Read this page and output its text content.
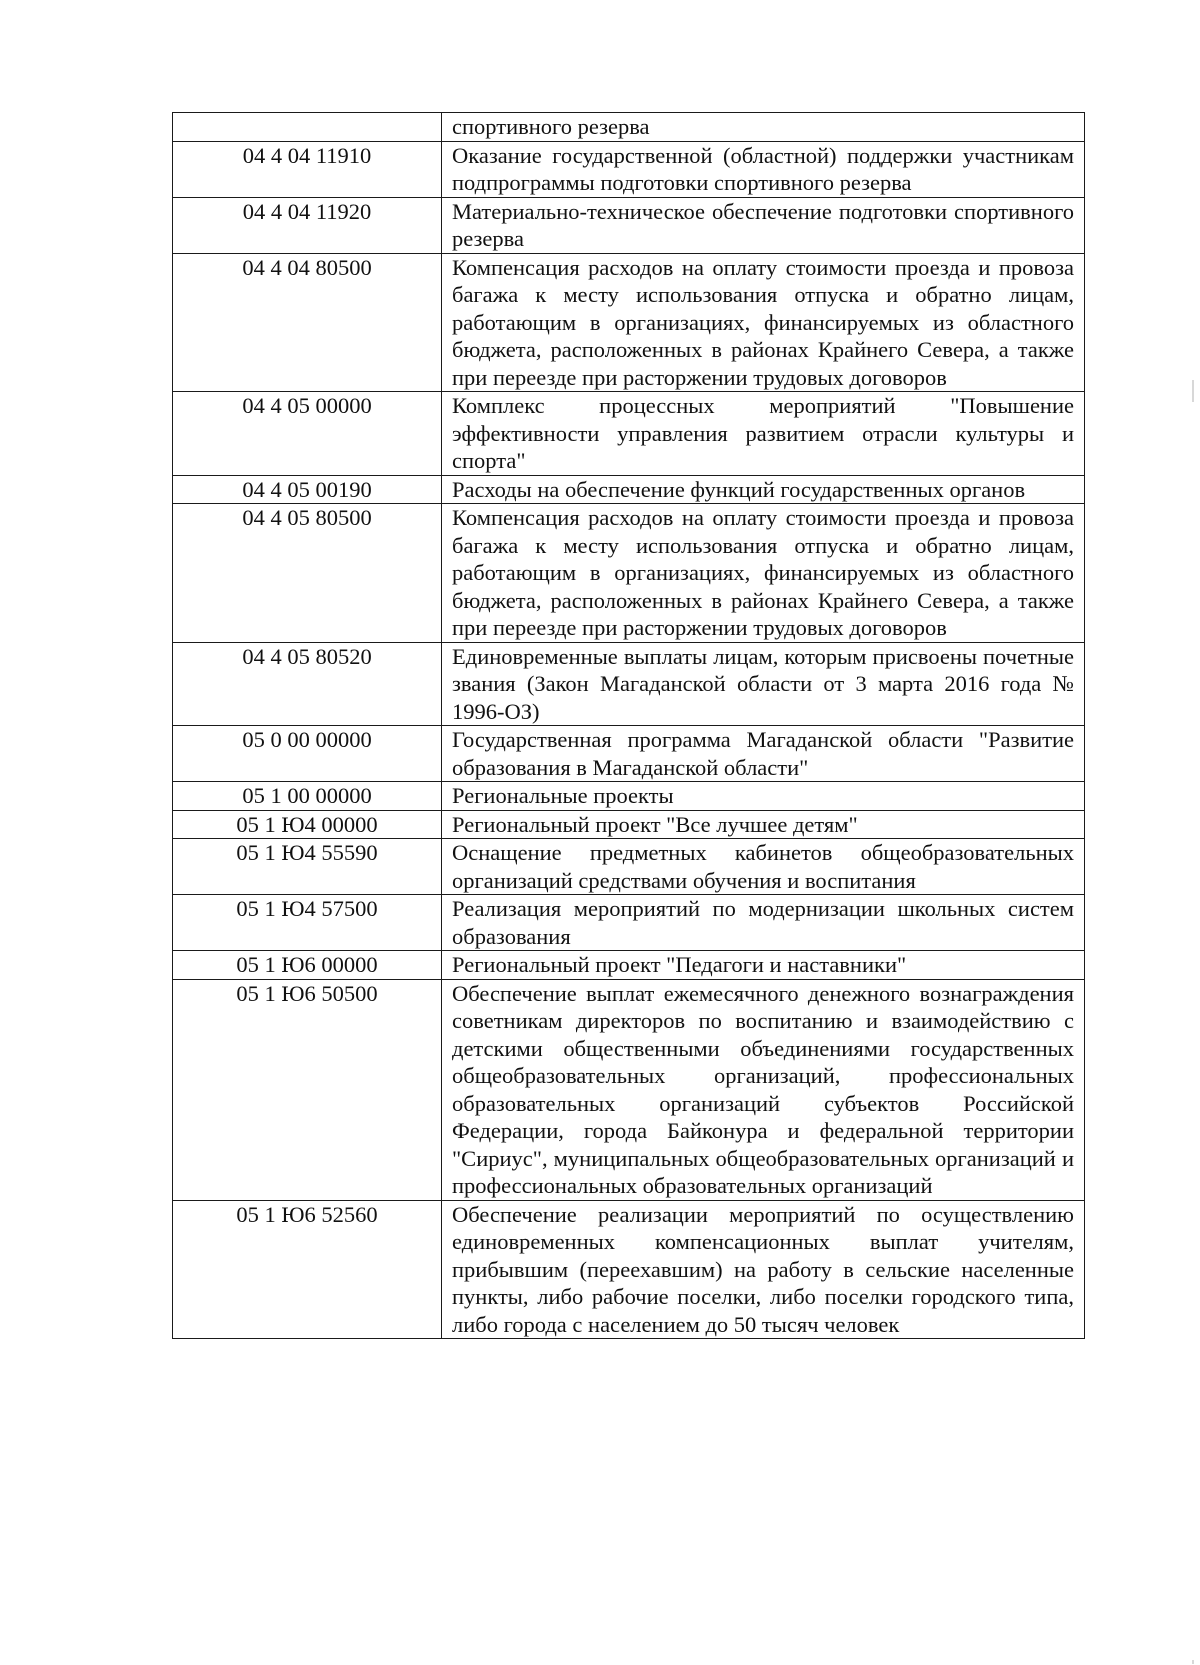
	спортивного резерва
04 4 04 11910	Оказание государственной (областной) поддержки участникам подпрограммы подготовки спортивного резерва
04 4 04 11920	Материально-техническое обеспечение подготовки спортивного резерва
04 4 04 80500	Компенсация расходов на оплату стоимости проезда и провоза багажа к месту использования отпуска и обратно лицам, работающим в организациях, финансируемых из областного бюджета, расположенных в районах Крайнего Севера, а также при переезде при расторжении трудовых договоров
04 4 05 00000	Комплекс процессных мероприятий "Повышение эффективности управления развитием отрасли культуры и спорта"
04 4 05 00190	Расходы на обеспечение функций государственных органов
04 4 05 80500	Компенсация расходов на оплату стоимости проезда и провоза багажа к месту использования отпуска и обратно лицам, работающим в организациях, финансируемых из областного бюджета, расположенных в районах Крайнего Севера, а также при переезде при расторжении трудовых договоров
04 4 05 80520	Единовременные выплаты лицам, которым присвоены почетные звания (Закон Магаданской области от 3 марта 2016 года № 1996-ОЗ)
05 0 00 00000	Государственная программа Магаданской области "Развитие образования в Магаданской области"
05 1 00 00000	Региональные проекты
05 1 Ю4 00000	Региональный проект "Все лучшее детям"
05 1 Ю4 55590	Оснащение предметных кабинетов общеобразовательных организаций средствами обучения и воспитания
05 1 Ю4 57500	Реализация мероприятий по модернизации школьных систем образования
05 1 Ю6 00000	Региональный проект "Педагоги и наставники"
05 1 Ю6 50500	Обеспечение выплат ежемесячного денежного вознаграждения советникам директоров по воспитанию и взаимодействию с детскими общественными объединениями государственных общеобразовательных организаций, профессиональных образовательных организаций субъектов Российской Федерации, города Байконура и федеральной территории "Сириус", муниципальных общеобразовательных организаций и профессиональных образовательных организаций
05 1 Ю6 52560	Обеспечение реализации мероприятий по осуществлению единовременных компенсационных выплат учителям, прибывшим (переехавшим) на работу в сельские населенные пункты, либо рабочие поселки, либо поселки городского типа, либо города с населением до 50 тысяч человек
